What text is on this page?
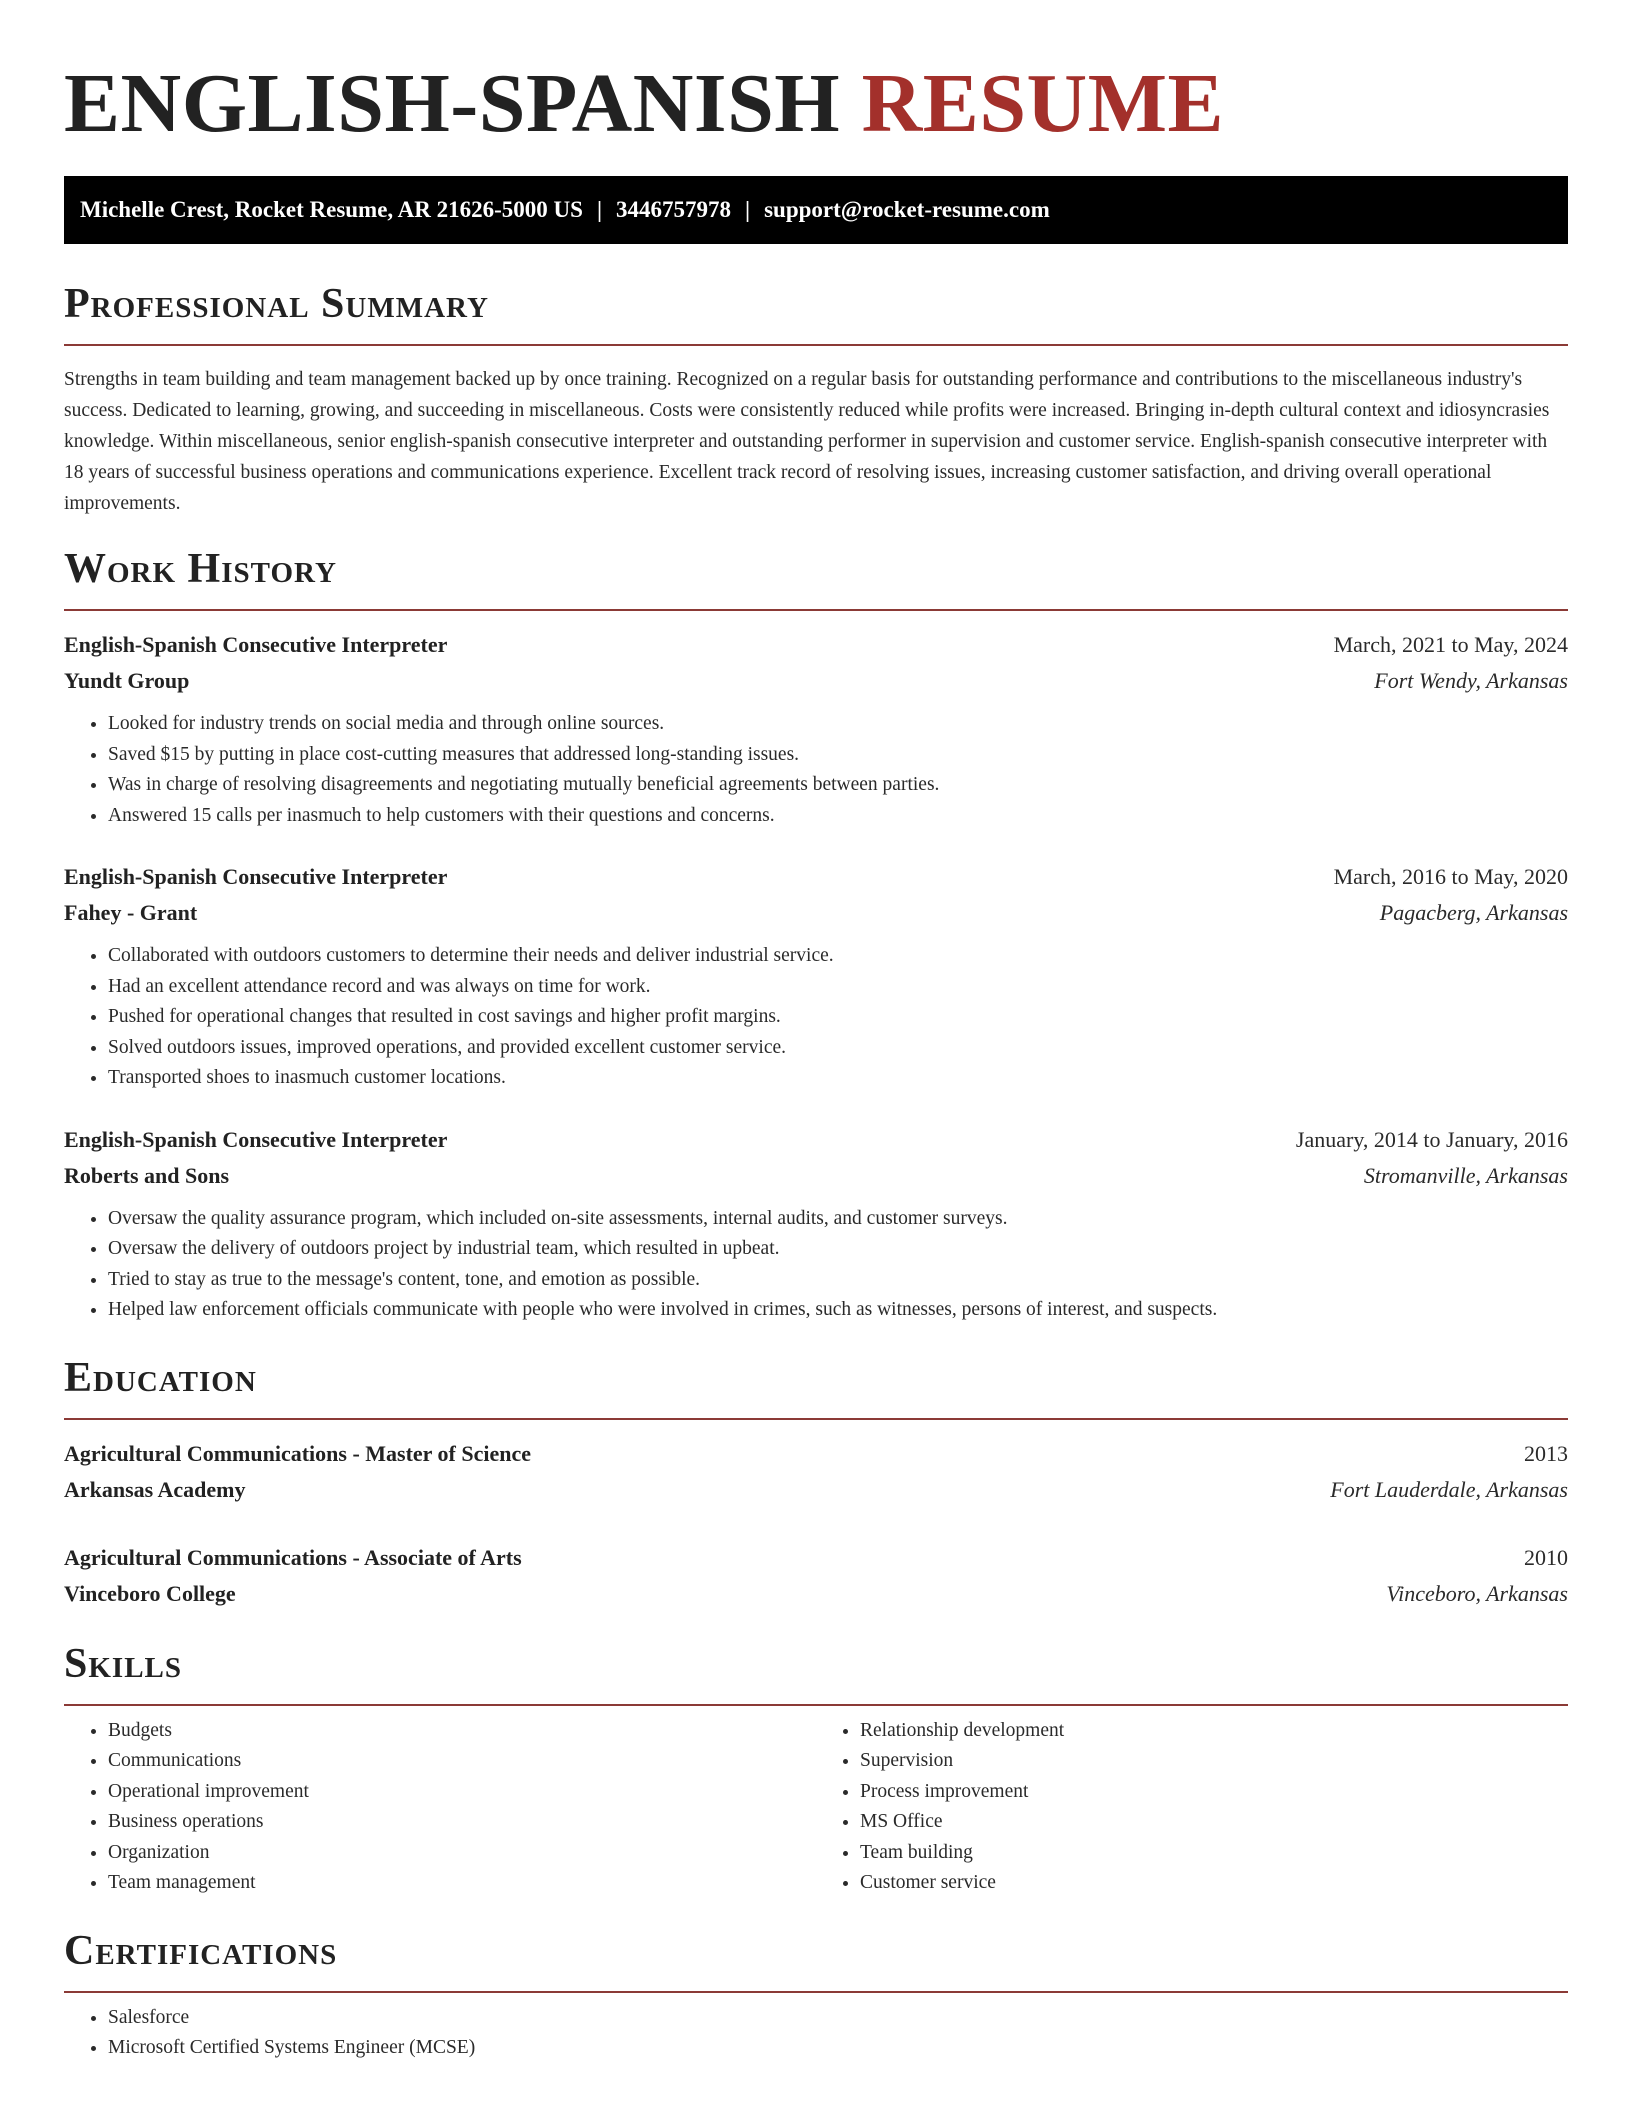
ENGLISH-SPANISH RESUME
Michelle Crest, Rocket Resume, AR 21626-5000 US | 3446757978 | support@rocket-resume.com
Professional Summary

Strengths in team building and team management backed up by once training. Recognized on a regular basis for outstanding performance and contributions to the miscellaneous industry's success. Dedicated to learning, growing, and succeeding in miscellaneous. Costs were consistently reduced while profits were increased. Bringing in-depth cultural context and idiosyncrasies knowledge. Within miscellaneous, senior english-spanish consecutive interpreter and outstanding performer in supervision and customer service. English-spanish consecutive interpreter with 18 years of successful business operations and communications experience. Excellent track record of resolving issues, increasing customer satisfaction, and driving overall operational improvements.

Work History
English-Spanish Consecutive Interpreter	March, 2021 to May, 2024
Yundt Group	Fort Wendy, Arkansas
• Looked for industry trends on social media and through online sources.
• Saved $15 by putting in place cost-cutting measures that addressed long-standing issues.
• Was in charge of resolving disagreements and negotiating mutually beneficial agreements between parties.
• Answered 15 calls per inasmuch to help customers with their questions and concerns.
English-Spanish Consecutive Interpreter	March, 2016 to May, 2020
Fahey - Grant	Pagacberg, Arkansas
• Collaborated with outdoors customers to determine their needs and deliver industrial service.
• Had an excellent attendance record and was always on time for work.
• Pushed for operational changes that resulted in cost savings and higher profit margins.
• Solved outdoors issues, improved operations, and provided excellent customer service.
• Transported shoes to inasmuch customer locations.
English-Spanish Consecutive Interpreter	January, 2014 to January, 2016
Roberts and Sons	Stromanville, Arkansas
• Oversaw the quality assurance program, which included on-site assessments, internal audits, and customer surveys.
• Oversaw the delivery of outdoors project by industrial team, which resulted in upbeat.
• Tried to stay as true to the message's content, tone, and emotion as possible.
• Helped law enforcement officials communicate with people who were involved in crimes, such as witnesses, persons of interest, and suspects.
Education
Agricultural Communications - Master of Science	2013
Arkansas Academy	Fort Lauderdale, Arkansas
Agricultural Communications - Associate of Arts	2010
Vinceboro College	Vinceboro, Arkansas
Skills
• Budgets
• Communications
• Operational improvement
• Business operations
• Organization
• Team management
• Relationship development
• Supervision
• Process improvement
• MS Office
• Team building
• Customer service
Certifications
• Salesforce
• Microsoft Certified Systems Engineer (MCSE)
